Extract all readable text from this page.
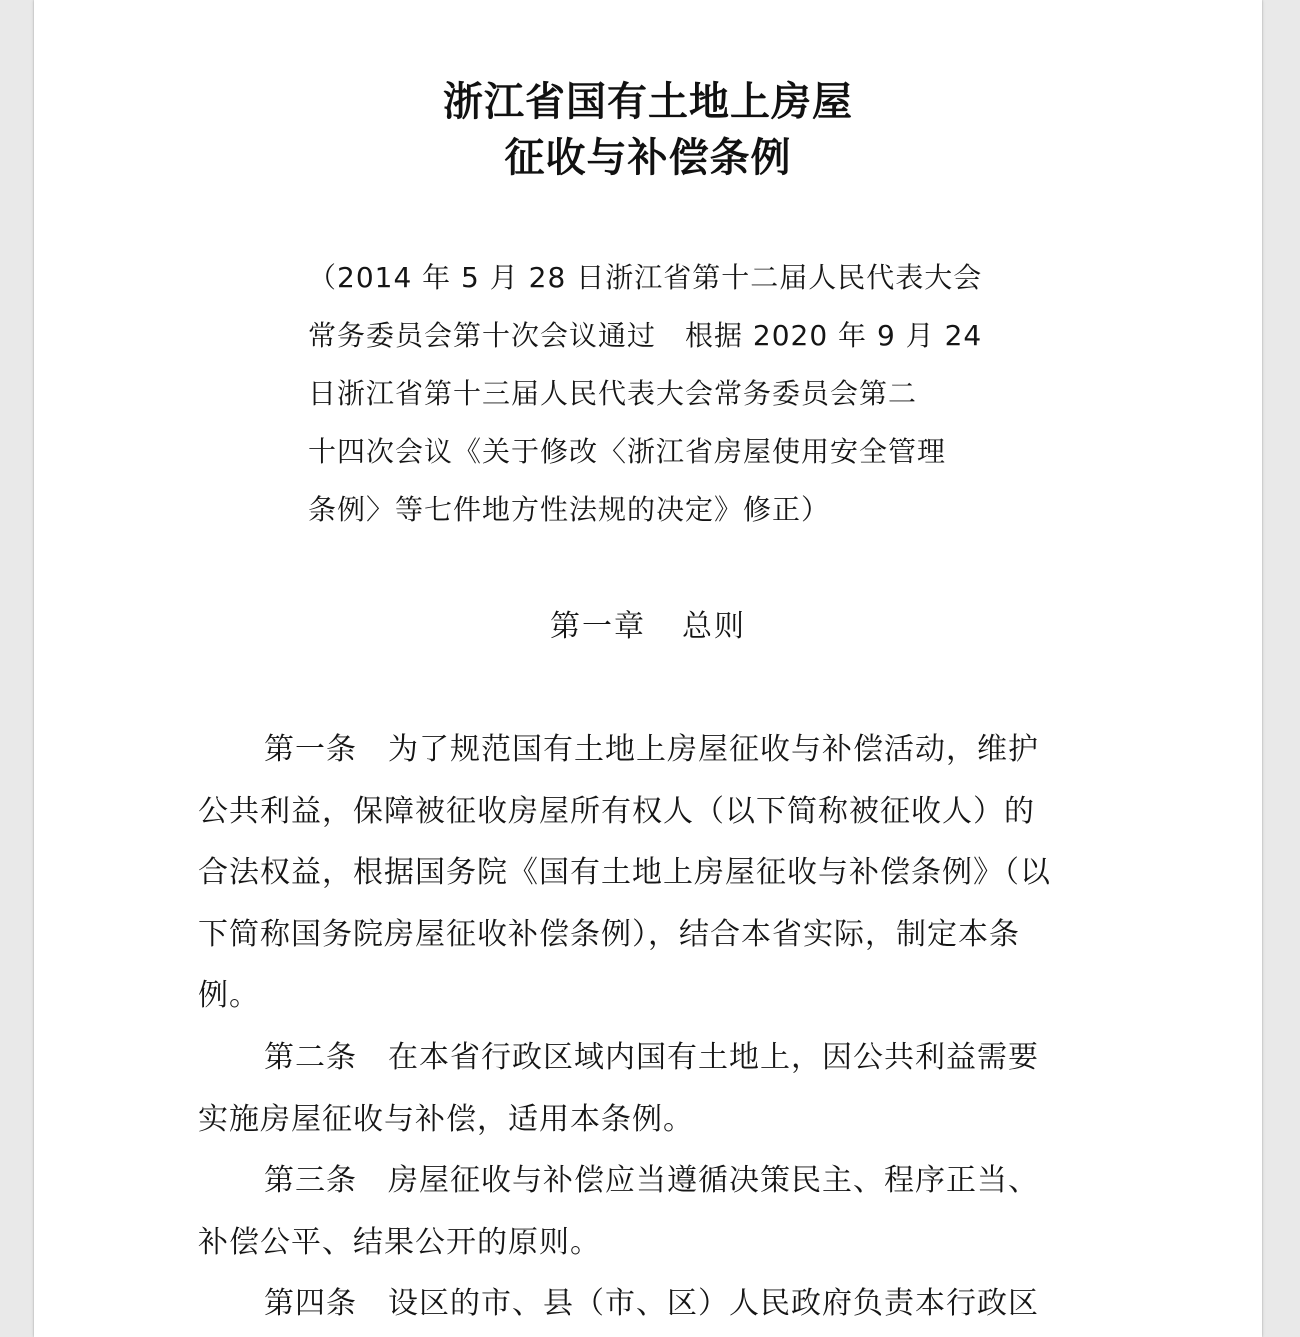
浙江省国有土地上房屋
征收与补偿条例
（2014 年 5 月 28 日浙江省第十二届人民代表大会
常务委员会第十次会议通过　根据 2020 年 9 月 24
日浙江省第十三届人民代表大会常务委员会第二
十四次会议《关于修改〈浙江省房屋使用安全管理
条例〉等七件地方性法规的决定》修正）
第一章 总则
第一条　为了规范国有土地上房屋征收与补偿活动，维护
公共利益，保障被征收房屋所有权人（以下简称被征收人）的
合法权益，根据国务院《国有土地上房屋征收与补偿条例》（以
下简称国务院房屋征收补偿条例），结合本省实际，制定本条
例。
第二条　在本省行政区域内国有土地上，因公共利益需要
实施房屋征收与补偿，适用本条例。
第三条　房屋征收与补偿应当遵循决策民主、程序正当、
补偿公平、结果公开的原则。
第四条　设区的市、县（市、区）人民政府负责本行政区
